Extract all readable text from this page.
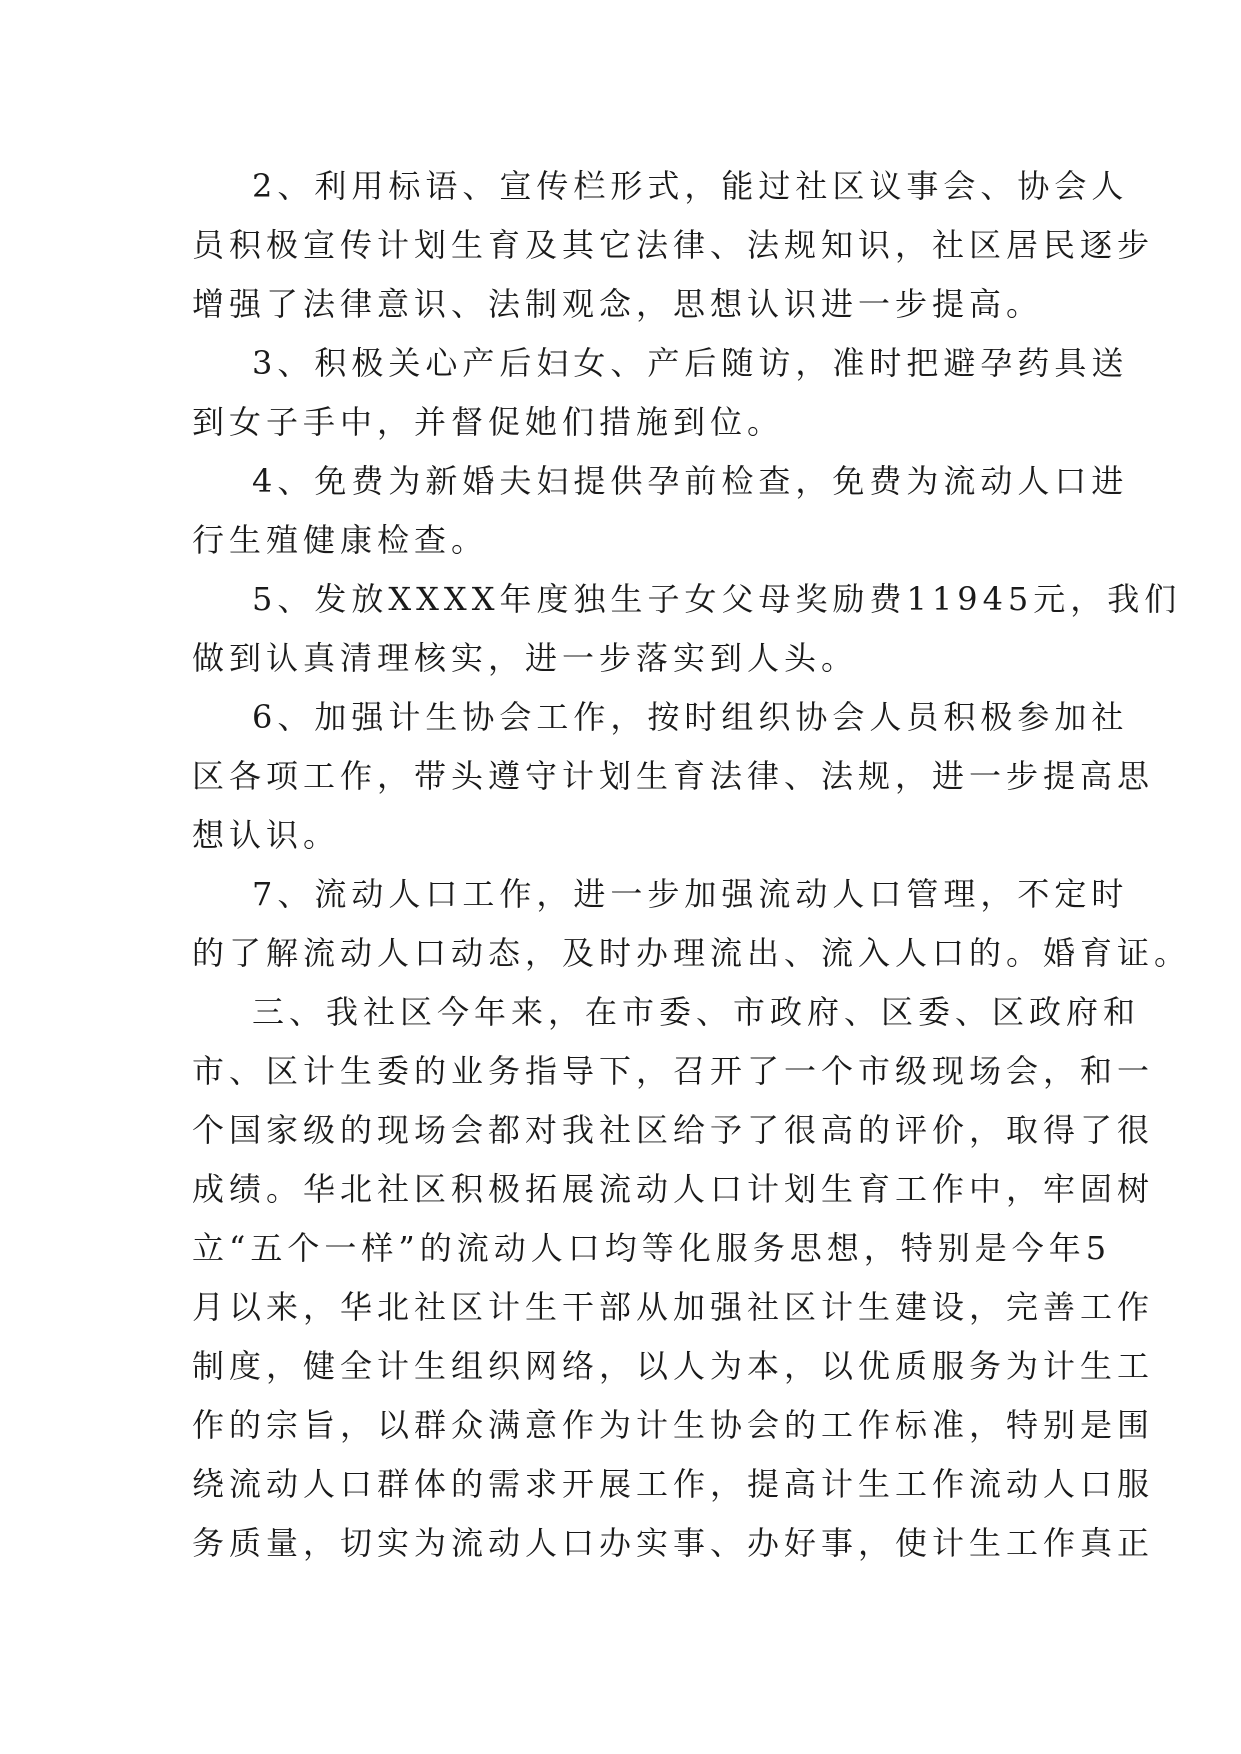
2、利用标语、宣传栏形式，能过社区议事会、协会人
员积极宣传计划生育及其它法律、法规知识，社区居民逐步
增强了法律意识、法制观念，思想认识进一步提高。
3、积极关心产后妇女、产后随访，准时把避孕药具送
到女子手中，并督促她们措施到位。
4、免费为新婚夫妇提供孕前检查，免费为流动人口进
行生殖健康检查。
5、发放XXXX年度独生子女父母奖励费11945元，我们
做到认真清理核实，进一步落实到人头。
6、加强计生协会工作，按时组织协会人员积极参加社
区各项工作，带头遵守计划生育法律、法规，进一步提高思
想认识。
7、流动人口工作，进一步加强流动人口管理，不定时
的了解流动人口动态，及时办理流出、流入人口的。婚育证。
三、我社区今年来，在市委、市政府、区委、区政府和
市、区计生委的业务指导下，召开了一个市级现场会，和一
个国家级的现场会都对我社区给予了很高的评价，取得了很
成绩。华北社区积极拓展流动人口计划生育工作中，牢固树
立“五个一样”的流动人口均等化服务思想，特别是今年5
月以来，华北社区计生干部从加强社区计生建设，完善工作
制度，健全计生组织网络，以人为本，以优质服务为计生工
作的宗旨，以群众满意作为计生协会的工作标准，特别是围
绕流动人口群体的需求开展工作，提高计生工作流动人口服
务质量，切实为流动人口办实事、办好事，使计生工作真正
